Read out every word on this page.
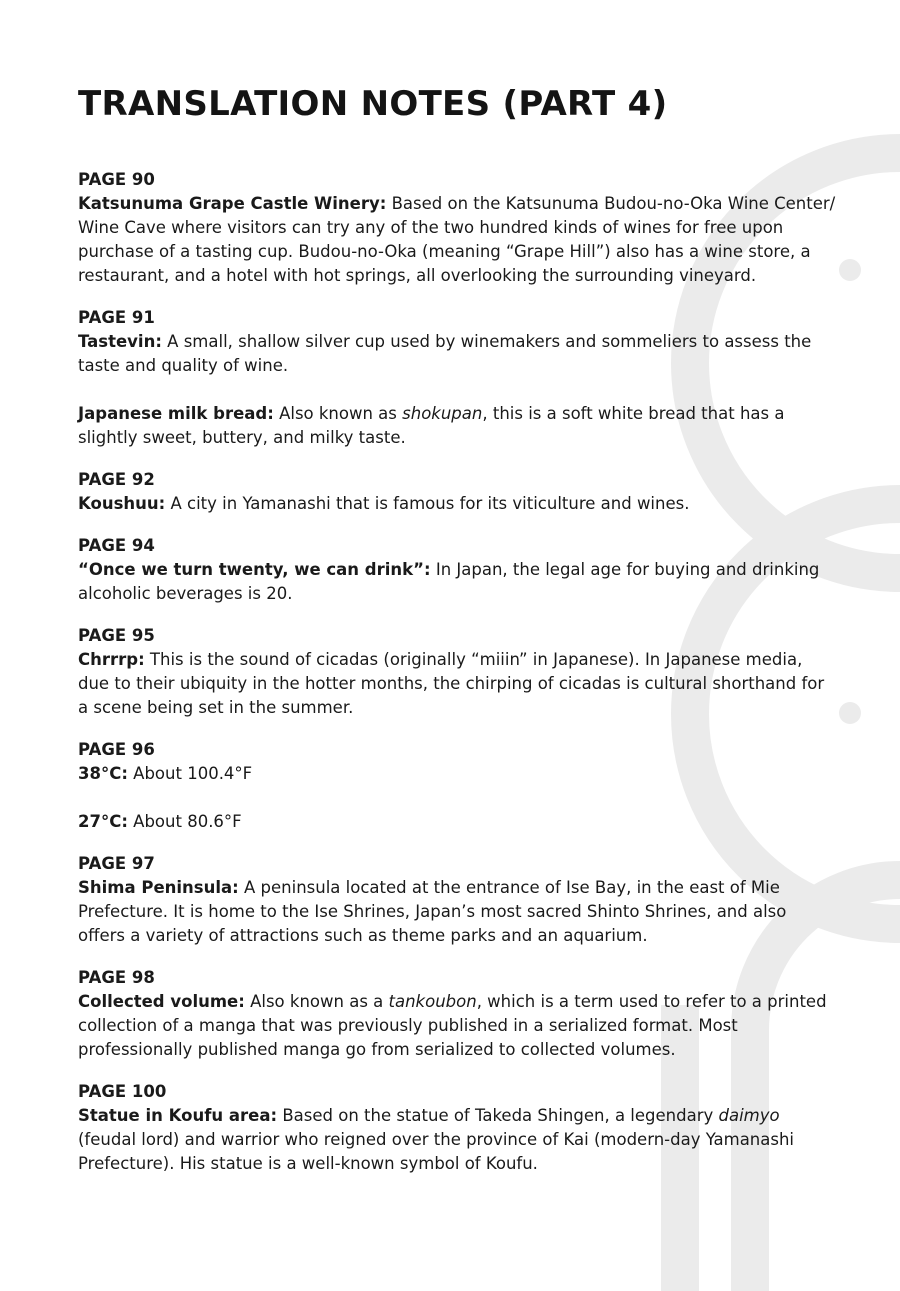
TRANSLATION NOTES (PART 4)
PAGE 90
Katsunuma Grape Castle Winery: Based on the Katsunuma Budou-no-Oka Wine Center/ Wine Cave where visitors can try any of the two hundred kinds of wines for free upon purchase of a tasting cup. Budou-no-Oka (meaning “Grape Hill”) also has a wine store, a restaurant, and a hotel with hot springs, all overlooking the surrounding vineyard.
PAGE 91
Tastevin: A small, shallow silver cup used by winemakers and sommeliers to assess the taste and quality of wine.
Japanese milk bread: Also known as shokupan, this is a soft white bread that has a slightly sweet, buttery, and milky taste.
PAGE 92
Koushuu: A city in Yamanashi that is famous for its viticulture and wines.
PAGE 94
“Once we turn twenty, we can drink”: In Japan, the legal age for buying and drinking alcoholic beverages is 20.
PAGE 95
Chrrrp: This is the sound of cicadas (originally “miiin” in Japanese). In Japanese media, due to their ubiquity in the hotter months, the chirping of cicadas is cultural shorthand for a scene being set in the summer.
PAGE 96
38°C: About 100.4°F
27°C: About 80.6°F
PAGE 97
Shima Peninsula: A peninsula located at the entrance of Ise Bay, in the east of Mie Prefecture. It is home to the Ise Shrines, Japan’s most sacred Shinto Shrines, and also offers a variety of attractions such as theme parks and an aquarium.
PAGE 98
Collected volume: Also known as a tankoubon, which is a term used to refer to a printed collection of a manga that was previously published in a serialized format. Most professionally published manga go from serialized to collected volumes.
PAGE 100
Statue in Koufu area: Based on the statue of Takeda Shingen, a legendary daimyo (feudal lord) and warrior who reigned over the province of Kai (modern-day Yamanashi Prefecture). His statue is a well-known symbol of Koufu.
